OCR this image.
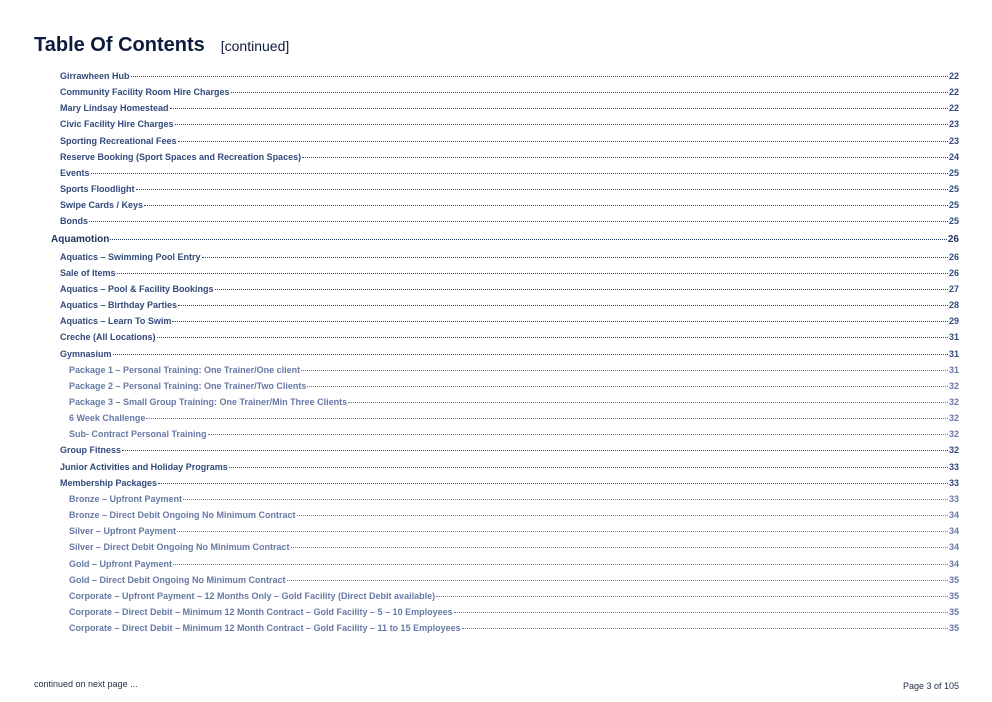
Table Of Contents [continued]
Girrawheen Hub	22
Community Facility Room Hire Charges	22
Mary Lindsay Homestead	22
Civic Facility Hire Charges	23
Sporting Recreational Fees	23
Reserve Booking (Sport Spaces and Recreation Spaces)	24
Events	25
Sports Floodlight	25
Swipe Cards / Keys	25
Bonds	25
Aquamotion	26
Aquatics – Swimming Pool Entry	26
Sale of Items	26
Aquatics – Pool & Facility Bookings	27
Aquatics – Birthday Parties	28
Aquatics – Learn To Swim	29
Creche (All Locations)	31
Gymnasium	31
Package 1 – Personal Training: One Trainer/One client	31
Package 2 – Personal Training: One Trainer/Two Clients	32
Package 3 – Small Group Training: One Trainer/Min Three Clients	32
6 Week Challenge	32
Sub- Contract Personal Training	32
Group Fitness	32
Junior Activities and Holiday Programs	33
Membership Packages	33
Bronze – Upfront Payment	33
Bronze – Direct Debit Ongoing No Minimum Contract	34
Silver – Upfront Payment	34
Silver – Direct Debit Ongoing No Minimum Contract	34
Gold – Upfront Payment	34
Gold – Direct Debit Ongoing No Minimum Contract	35
Corporate – Upfront Payment – 12 Months Only – Gold Facility (Direct Debit available)	35
Corporate – Direct Debit – Minimum 12 Month Contract – Gold Facility – 5 – 10 Employees	35
Corporate – Direct Debit – Minimum 12 Month Contract – Gold Facility – 11 to 15 Employees	35
continued on next page ...	Page 3 of 105
